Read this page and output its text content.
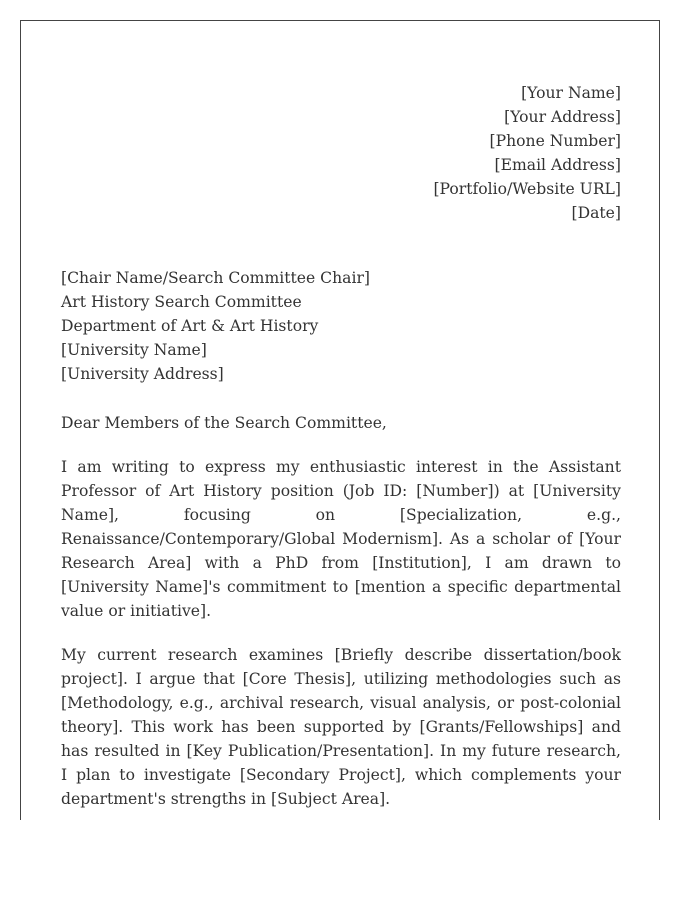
[Your Name]
[Your Address]
[Phone Number]
[Email Address]
[Portfolio/Website URL]
[Date]
[Chair Name/Search Committee Chair]
Art History Search Committee
Department of Art & Art History
[University Name]
[University Address]
Dear Members of the Search Committee,

I am writing to express my enthusiastic interest in the Assistant Professor of Art History position (Job ID: [Number]) at [University Name], focusing on [Specialization, e.g., Renaissance/Contemporary/Global Modernism]. As a scholar of [Your Research Area] with a PhD from [Institution], I am drawn to [University Name]'s commitment to [mention a specific departmental value or initiative].

My current research examines [Briefly describe dissertation/book project]. I argue that [Core Thesis], utilizing methodologies such as [Methodology, e.g., archival research, visual analysis, or post-colonial theory]. This work has been supported by [Grants/Fellowships] and has resulted in [Key Publication/Presentation]. In my future research, I plan to investigate [Secondary Project], which complements your department's strengths in [Subject Area].
